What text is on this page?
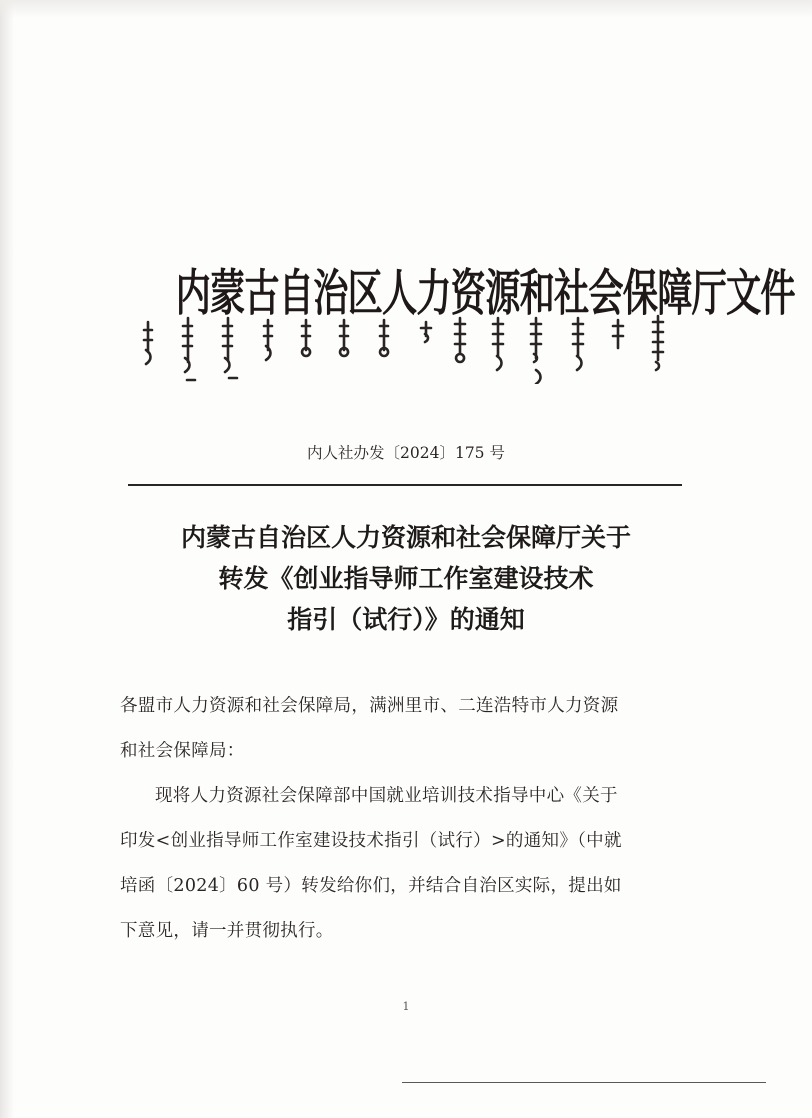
内蒙古自治区人力资源和社会保障厅文件
内人社办发〔2024〕175 号
内蒙古自治区人力资源和社会保障厅关于
转发《创业指导师工作室建设技术
指引（试行）》的通知

各盟市人力资源和社会保障局，满洲里市、二连浩特市人力资源

和社会保障局：

现将人力资源社会保障部中国就业培训技术指导中心《关于

印发<创业指导师工作室建设技术指引（试行）>的通知》（中就

培函〔2024〕60 号）转发给你们，并结合自治区实际，提出如

下意见，请一并贯彻执行。

1
